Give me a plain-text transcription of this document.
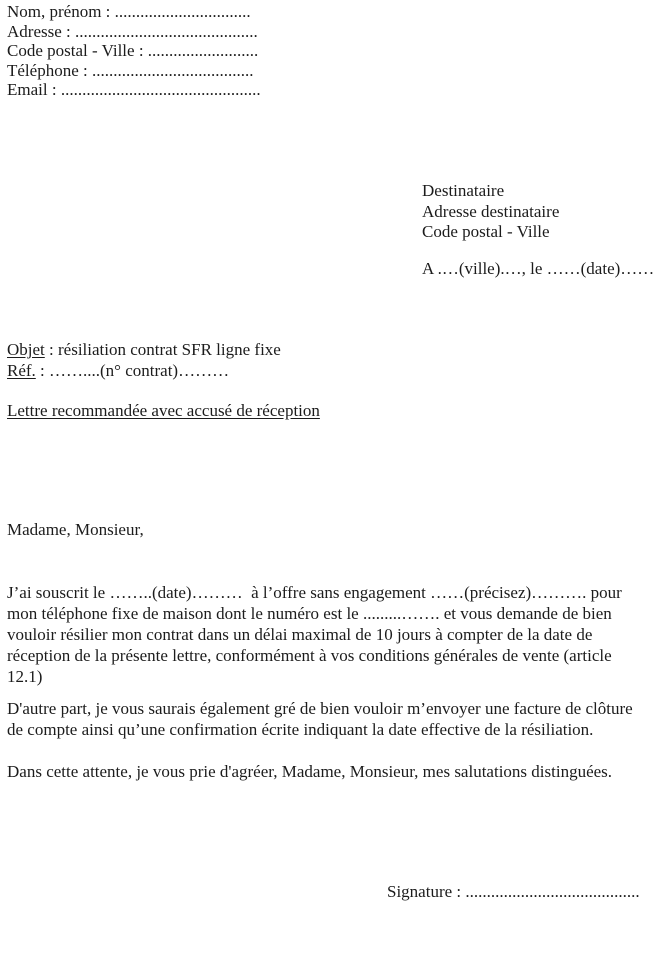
Nom, prénom : ................................
Adresse : ...........................................
Code postal - Ville : ..........................
Téléphone : ......................................
Email : ...............................................
Destinataire
Adresse destinataire
Code postal - Ville
A .…(ville).…, le ……(date)……
Objet : résiliation contrat SFR ligne fixe
Réf. : ……....(n° contrat)………
Lettre recommandée avec accusé de réception
Madame, Monsieur,
J’ai souscrit le ……..(date)………  à l’offre sans engagement ……(précisez)………. pour mon téléphone fixe de maison dont le numéro est le .........……. et vous demande de bien vouloir résilier mon contrat dans un délai maximal de 10 jours à compter de la date de réception de la présente lettre, conformément à vos conditions générales de vente (article 12.1)
D'autre part, je vous saurais également gré de bien vouloir m’envoyer une facture de clôture de compte ainsi qu’une confirmation écrite indiquant la date effective de la résiliation.
Dans cette attente, je vous prie d'agréer, Madame, Monsieur, mes salutations distinguées.
Signature : .........................................
